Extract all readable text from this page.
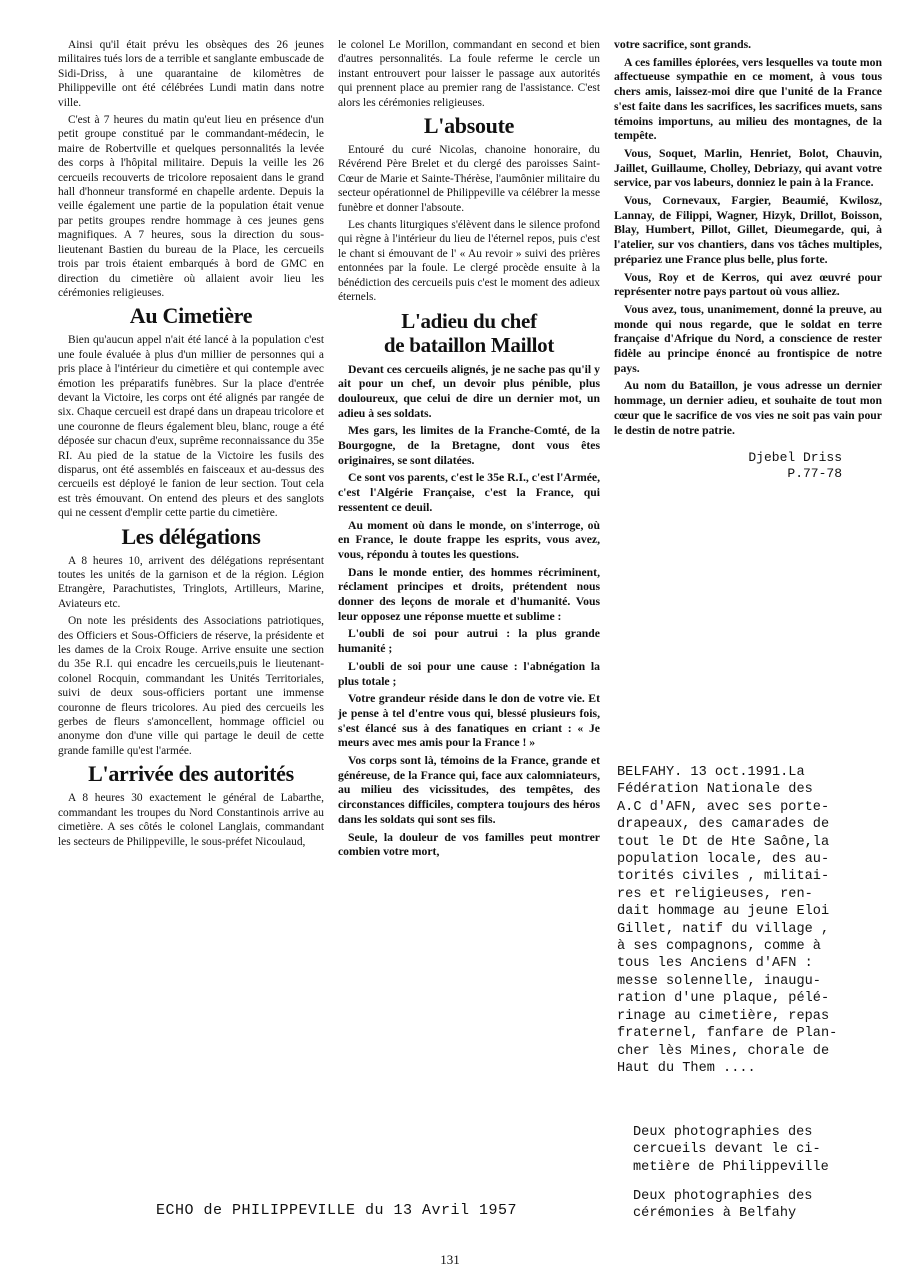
Ainsi qu'il était prévu les obsèques des 26 jeunes militaires tués lors de a terrible et sanglante embuscade de Sidi-Driss, à une quarantaine de kilomètres de Philippeville ont été célébrées Lundi matin dans notre ville.

C'est à 7 heures du matin qu'eut lieu en présence d'un petit groupe constitué par le commandant-médecin, le maire de Robertville et quelques personnalités la levée des corps à l'hôpital militaire. Depuis la veille les 26 cercueils recouverts de tricolore reposaient dans le grand hall d'honneur transformé en chapelle ardente. Depuis la veille également une partie de la population était venue par petits groupes rendre hommage à ces jeunes gens magnifiques. A 7 heures, sous la direction du sous-lieutenant Bastien du bureau de la Place, les cercueils trois par trois étaient embarqués à bord de GMC en direction du cimetière où allaient avoir lieu les cérémonies religieuses.

Au Cimetière

Bien qu'aucun appel n'ait été lancé à la population c'est une foule évaluée à plus d'un millier de personnes qui a pris place à l'intérieur du cimetière et qui contemple avec émotion les préparatifs funèbres. Sur la place d'entrée devant la Victoire, les corps ont été alignés par rangée de six. Chaque cercueil est drapé dans un drapeau tricolore et une couronne de fleurs également bleu, blanc, rouge a été déposée sur chacun d'eux, suprême reconnaissance du 35e RI. Au pied de la statue de la Victoire les fusils des disparus, ont été assemblés en faisceaux et au-dessus des cercueils est déployé le fanion de leur section. Tout cela est très émouvant. On entend des pleurs et des sanglots qui ne cessent d'emplir cette partie du cimetière.

Les délégations

A 8 heures 10, arrivent des délégations représentant toutes les unités de la garnison et de la région. Légion Etrangère, Parachutistes, Tringlots, Artilleurs, Marine, Aviateurs etc.

On note les présidents des Associations patriotiques, des Officiers et Sous-Officiers de réserve, la présidente et les dames de la Croix Rouge. Arrive ensuite une section du 35e R.I. qui encadre les cercueils,puis le lieutenant-colonel Rocquin, commandant les Unités Territoriales, suivi de deux sous-officiers portant une immense couronne de fleurs tricolores. Au pied des cercueils les gerbes de fleurs s'amoncellent, hommage officiel ou anonyme don d'une ville qui partage le deuil de cette grande famille qu'est l'armée.

L'arrivée des autorités

A 8 heures 30 exactement le général de Labarthe, commandant les troupes du Nord Constantinois arrive au cimetière. A ses côtés le colonel Langlais, commandant les secteurs de Philippeville, le sous-préfet Nicoulaud,

le colonel Le Morillon, commandant en second et bien d'autres personnalités. La foule referme le cercle un instant entrouvert pour laisser le passage aux autorités qui prennent place au premier rang de l'assistance. C'est alors les cérémonies religieuses.

L'absoute

Entouré du curé Nicolas, chanoine honoraire, du Révérend Père Brelet et du clergé des paroisses Saint-Cœur de Marie et Sainte-Thérèse, l'aumônier militaire du secteur opérationnel de Philippeville va célébrer la messe funèbre et donner l'absoute.

Les chants liturgiques s'élèvent dans le silence profond qui règne à l'intérieur du lieu de l'éternel repos, puis c'est le chant si émouvant de l' « Au revoir » suivi des prières entonnées par la foule. Le clergé procède ensuite à la bénédiction des cercueils puis c'est le moment des adieux éternels.

L'adieu du chef
de bataillon Maillot

Devant ces cercueils alignés, je ne sache pas qu'il y ait pour un chef, un devoir plus pénible, plus douloureux, que celui de dire un dernier mot, un adieu à ses soldats.

Mes gars, les limites de la Franche-Comté, de la Bourgogne, de la Bretagne, dont vous êtes originaires, se sont dilatées.

Ce sont vos parents, c'est le 35e R.I., c'est l'Armée, c'est l'Algérie Française, c'est la France, qui ressentent ce deuil.

Au moment où dans le monde, on s'interroge, où en France, le doute frappe les esprits, vous avez, vous, répondu à toutes les questions.

Dans le monde entier, des hommes récriminent, réclament principes et droits, prétendent nous donner des leçons de morale et d'humanité. Vous leur opposez une réponse muette et sublime :

L'oubli de soi pour autrui : la plus grande humanité ;

L'oubli de soi pour une cause : l'abnégation la plus totale ;

Votre grandeur réside dans le don de votre vie. Et je pense à tel d'entre vous qui, blessé plusieurs fois, s'est élancé sus à des fanatiques en criant : « Je meurs avec mes amis pour la France ! »

Vos corps sont là, témoins de la France, grande et généreuse, de la France qui, face aux calomniateurs, au milieu des vicissitudes, des tempêtes, des circonstances difficiles, comptera toujours des héros dans les soldats qui sont ses fils.

Seule, la douleur de vos familles peut montrer combien votre mort,

votre sacrifice, sont grands.

A ces familles éplorées, vers lesquelles va toute mon affectueuse sympathie en ce moment, à vous tous chers amis, laissez-moi dire que l'unité de la France s'est faite dans les sacrifices, les sacrifices muets, sans témoins importuns, au milieu des montagnes, de la tempête.

Vous, Soquet, Marlin, Henriet, Bolot, Chauvin, Jaillet, Guillaume, Cholley, Debriazy, qui avant votre service, par vos labeurs, donniez le pain à la France.

Vous, Cornevaux, Fargier, Beaumié, Kwilosz, Lannay, de Filippi, Wagner, Hizyk, Drillot, Boisson, Blay, Humbert, Pillot, Gillet, Dieumegarde, qui, à l'atelier, sur vos chantiers, dans vos tâches multiples, prépariez une France plus belle, plus forte.

Vous, Roy et de Kerros, qui avez œuvré pour représenter notre pays partout où vous alliez.

Vous avez, tous, unanimement, donné la preuve, au monde qui nous regarde, que le soldat en terre française d'Afrique du Nord, a conscience de rester fidèle au principe énoncé au frontispice de notre pays.

Au nom du Bataillon, je vous adresse un dernier hommage, un dernier adieu, et souhaite de tout mon cœur que le sacrifice de vos vies ne soit pas vain pour le destin de notre patrie.

Djebel Driss
P.77-78
BELFAHY. 13 oct.1991.La
Fédération Nationale des
A.C d'AFN, avec ses porte-
drapeaux, des camarades de
tout le Dt de Hte Saône,la
population locale, des au-
torités civiles , militai-
res et religieuses, ren-
dait hommage au jeune Eloi
Gillet, natif du village ,
à ses compagnons, comme à
tous les Anciens d'AFN :
messe solennelle, inaugu-
ration d'une plaque, pélé-
rinage au cimetière, repas
fraternel, fanfare de Plan-
cher lès Mines, chorale de
Haut du Them ....
Deux photographies des
cercueils devant le ci-
metière de Philippeville
Deux photographies des
cérémonies à Belfahy
ECHO de PHILIPPEVILLE du 13 Avril 1957
131
